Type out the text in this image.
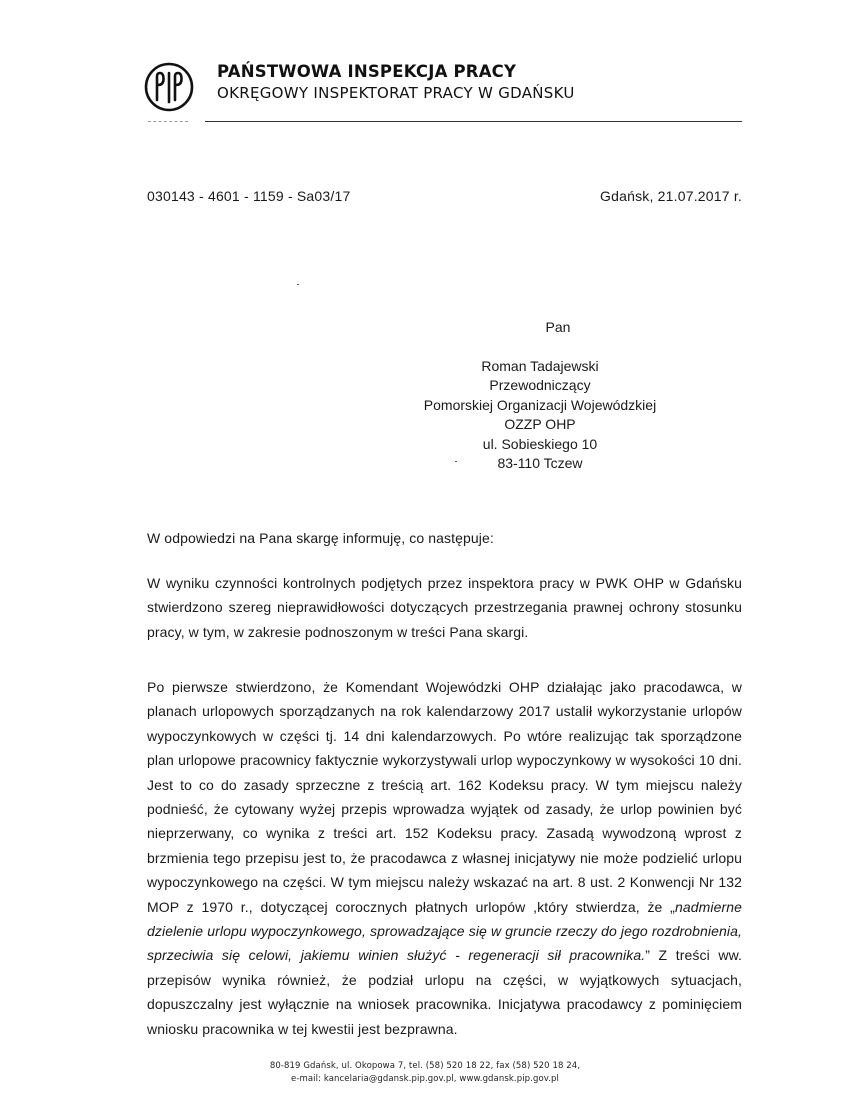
PAŃSTWOWA INSPEKCJA PRACY
OKRĘGOWY INSPEKTORAT PRACY W GDAŃSKU
030143 - 4601 - 1159 - Sa03/17	Gdańsk, 21.07.2017 r.
Pan
Roman Tadajewski
Przewodniczący
Pomorskiej Organizacji Wojewódzkiej
OZZP OHP
ul. Sobieskiego 10
83-110 Tczew
W odpowiedzi na Pana skargę informuję, co następuje:
W wyniku czynności kontrolnych podjętych przez inspektora pracy w PWK OHP w Gdańsku stwierdzono szereg nieprawidłowości dotyczących przestrzegania prawnej ochrony stosunku pracy, w tym, w zakresie podnoszonym w treści Pana skargi.
Po pierwsze stwierdzono, że Komendant Wojewódzki OHP działając jako pracodawca, w planach urlopowych sporządzanych na rok kalendarzowy 2017 ustalił wykorzystanie urlopów wypoczynkowych w części tj. 14 dni kalendarzowych. Po wtóre realizując tak sporządzone plan urlopowe pracownicy faktycznie wykorzystywali urlop wypoczynkowy w wysokości 10 dni. Jest to co do zasady sprzeczne z treścią art. 162 Kodeksu pracy. W tym miejscu należy podnieść, że cytowany wyżej przepis wprowadza wyjątek od zasady, że urlop powinien być nieprzerwany, co wynika z treści art. 152 Kodeksu pracy. Zasadą wywodzoną wprost z brzmienia tego przepisu jest to, że pracodawca z własnej inicjatywy nie może podzielić urlopu wypoczynkowego na części. W tym miejscu należy wskazać na art. 8 ust. 2 Konwencji Nr 132 MOP z 1970 r., dotyczącej corocznych płatnych urlopów ,który stwierdza, że „nadmierne dzielenie urlopu wypoczynkowego, sprowadzające się w gruncie rzeczy do jego rozdrobnienia, sprzeciwia się celowi, jakiemu winien służyć - regeneracji sił pracownika.” Z treści ww. przepisów wynika również, że podział urlopu na części, w wyjątkowych sytuacjach, dopuszczalny jest wyłącznie na wniosek pracownika. Inicjatywa pracodawcy z pominięciem wniosku pracownika w tej kwestii jest bezprawna.
80-819 Gdańsk, ul. Okopowa 7, tel. (58) 520 18 22, fax (58) 520 18 24,
e-mail: kancelaria@gdansk.pip.gov.pl, www.gdansk.pip.gov.pl
